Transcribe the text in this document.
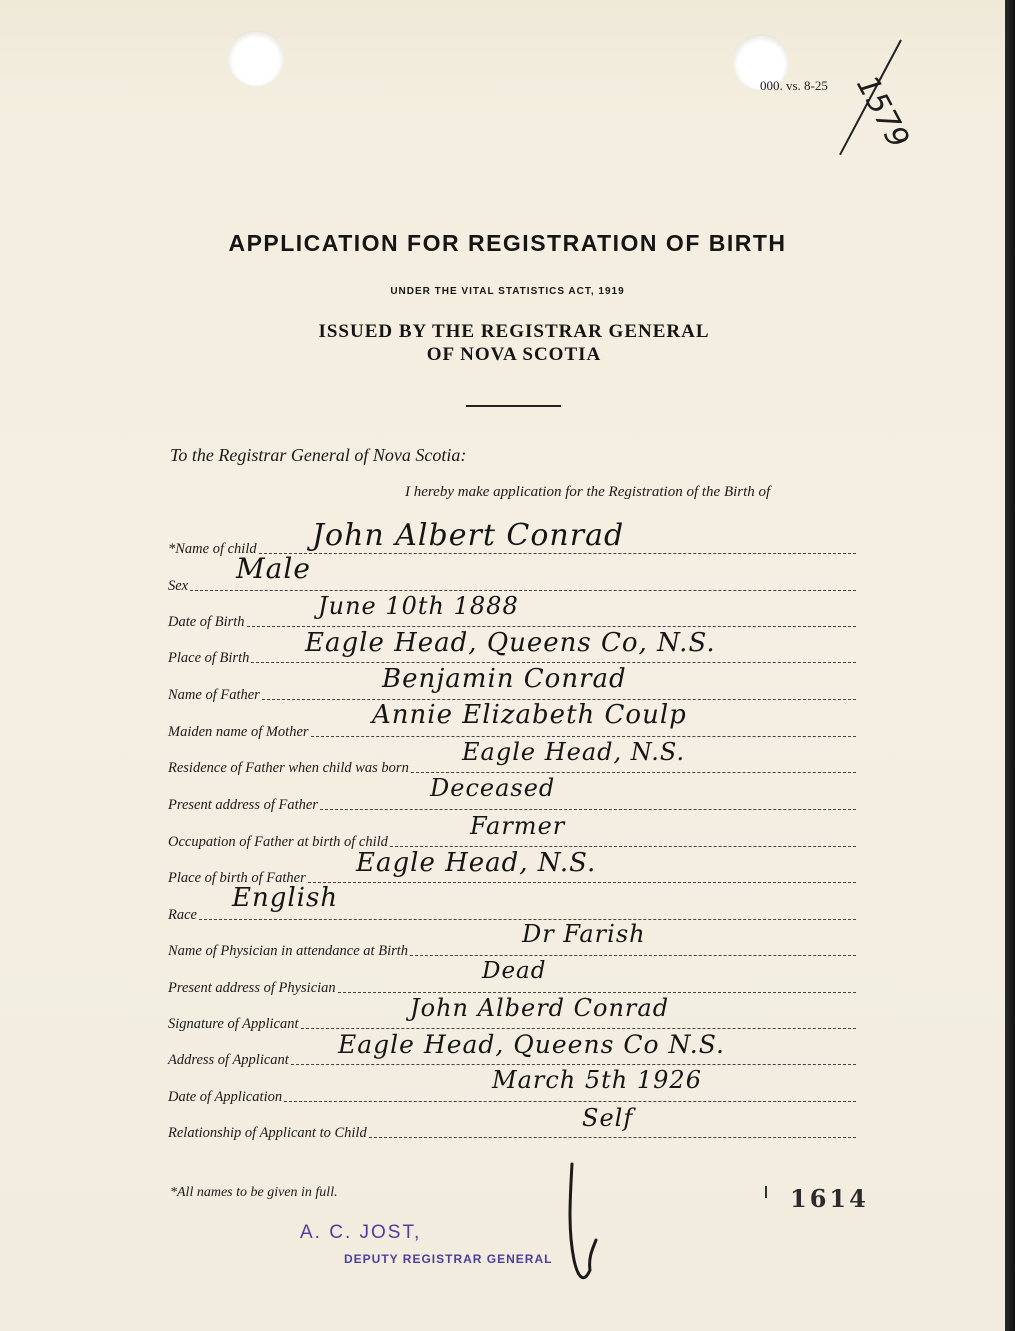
000. vs. 8-25 1579
APPLICATION FOR REGISTRATION OF BIRTH
UNDER THE VITAL STATISTICS ACT, 1919
ISSUED BY THE REGISTRAR GENERAL
OF NOVA SCOTIA
To the Registrar General of Nova Scotia:
I hereby make application for the Registration of the Birth of
*Name of child John Albert Conrad
Sex
Male
Date of Birth
June 10th 1888
Place of Birth Eagle Head, Queens Co, N.S.
Name of Father
Benjamin Conrad
Maiden name of Mother
Annie Elizabeth Coulp
Residence of Father when child was born
Eagle Head, N.S.
Present address of Father
Deceased
Occupation of Father at birth of child
Farmer
Place of birth of Father Eagle Head, N.S.
Race
English
Name of Physician in attendance at Birth
Dr Farish
Present address of Physician
Dead
Signature of Applicant
John Alberd Conrad
Address of Applicant
Eagle Head, Queens Co N.S.
Date of Application
March 5th 1926
Relationship of Applicant to Child
Self
*All names to be given in full.	1614
A. C. JOST,
DEPUTY REGISTRAR GENERAL
